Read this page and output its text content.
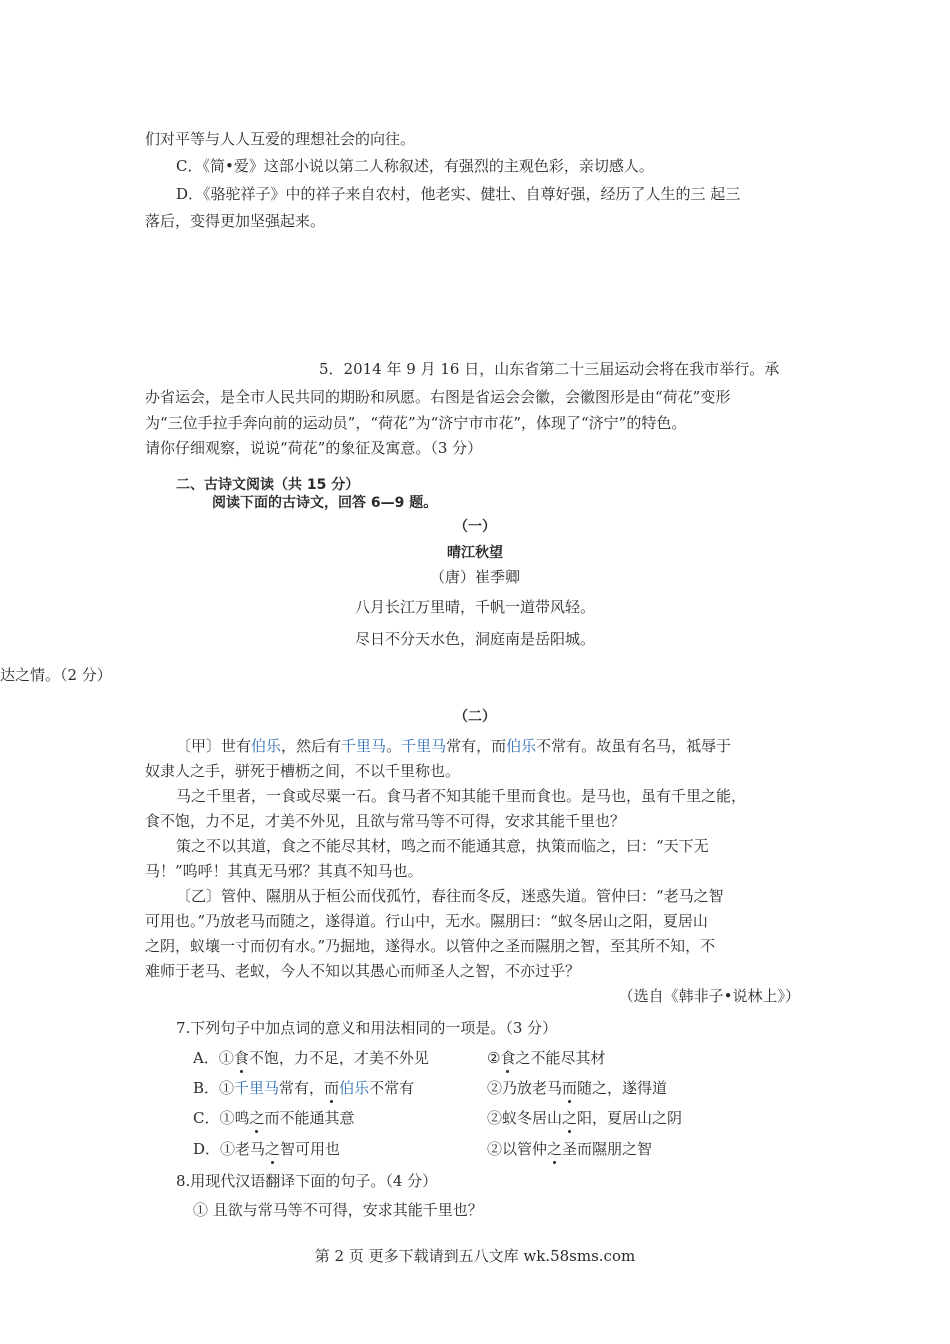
们对平等与人人互爱的理想社会的向往。
C．《简•爱》这部小说以第二人称叙述，有强烈的主观色彩，亲切感人。
D．《骆驼祥子》中的祥子来自农村，他老实、健壮、自尊好强，经历了人生的三 起三
落后，变得更加坚强起来。
5．2014 年 9 月 16 日，山东省第二十三届运动会将在我市举行。承
办省运会，是全市人民共同的期盼和夙愿。右图是省运会会徽，会徽图形是由“荷花”变形
为“三位手拉手奔向前的运动员”，“荷花”为“济宁市市花”，体现了“济宁”的特色。
请你仔细观察，说说“荷花”的象征及寓意。（3 分）
二、古诗文阅读（共 15 分）
阅读下面的古诗文，回答 6—9 题。
（一）
晴江秋望
（唐）崔季卿
八月长江万里晴，千帆一道带风轻。
尽日不分天水色，洞庭南是岳阳城。
达之情。（2 分）
（二）
〔甲〕世有伯乐，然后有千里马。千里马常有，而伯乐不常有。故虽有名马，祗辱于
奴隶人之手，骈死于槽枥之间，不以千里称也。
马之千里者，一食或尽粟一石。食马者不知其能千里而食也。是马也，虽有千里之能，
食不饱，力不足，才美不外见，且欲与常马等不可得，安求其能千里也？
策之不以其道，食之不能尽其材，鸣之而不能通其意，执策而临之，曰：“天下无
马！”呜呼！其真无马邪？其真不知马也。
〔乙〕管仲、隰朋从于桓公而伐孤竹，春往而冬反，迷惑失道。管仲曰：“老马之智
可用也。”乃放老马而随之，遂得道。行山中，无水。隰朋曰：“蚁冬居山之阳，夏居山
之阴，蚁壤一寸而仞有水。”乃掘地，遂得水。以管仲之圣而隰朋之智，至其所不知，不
难师于老马、老蚁，今人不知以其愚心而师圣人之智，不亦过乎？
（选自《韩非子•说林上》）
7.下列句子中加点词的意义和用法相同的一项是。（3 分）
A．①食不饱，力不足，才美不外见	②食之不能尽其材
B．①千里马常有，而伯乐不常有	②乃放老马而随之，遂得道
C．①鸣之而不能通其意	②蚁冬居山之阳，夏居山之阴
D．①老马之智可用也	②以管仲之圣而隰朋之智
8.用现代汉语翻译下面的句子。（4 分）
① 且欲与常马等不可得，安求其能千里也？
第 2 页 更多下载请到五八文库 wk.58sms.com
